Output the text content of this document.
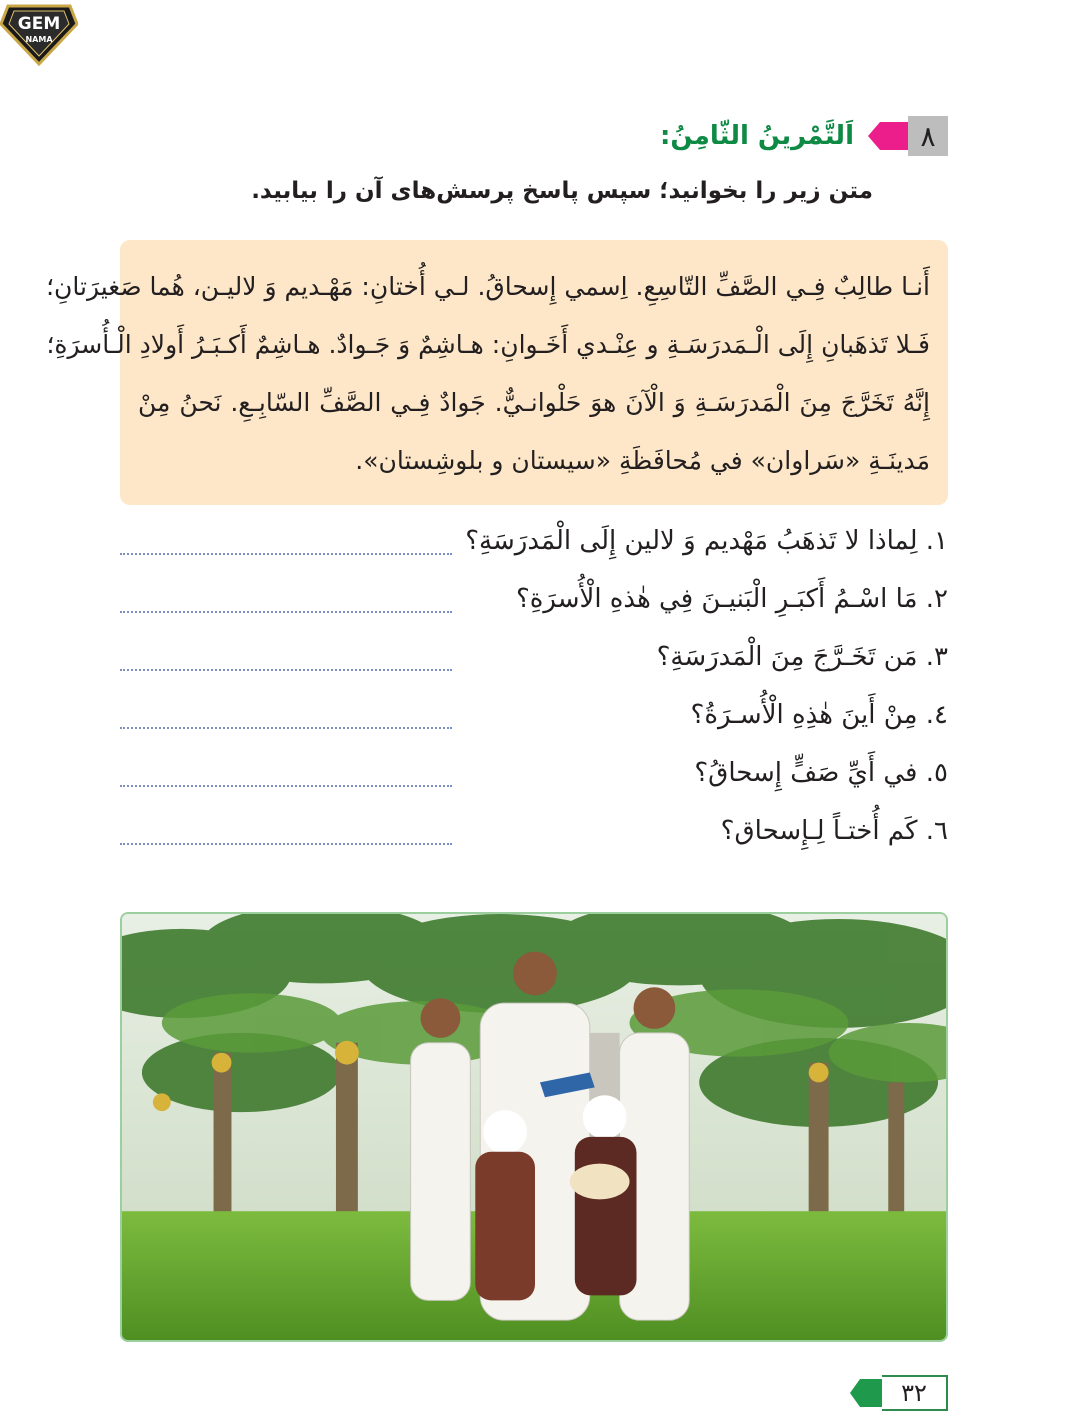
GEM
NAMA
٨
اَلتَّمْرينُ الثّامِنُ:
متن زیر را بخوانید؛ سپس پاسخ پرسش‌های آن را بیابید.
أَنـا طالِبٌ فِـي الصَّفِّ التّاسِعِ. اِسمي إِسحاقُ. لـي أُختانِ: مَهْـديم وَ لالیـن، هُما صَغيرَتانِ؛
فَـلا تَذهَبانِ إِلَى الْـمَدرَسَـةِ و عِنْـدي أَخَـوانِ: هـاشِمٌ وَ جَـوادٌ. هـاشِمٌ أَكـبَـرُ أَولادِ الْـأُسرَةِ؛
إِنَّهُ تَخَرَّجَ مِنَ الْمَدرَسَـةِ وَ الْآنَ هوَ حَلْوانـيٌّ. جَوادٌ فِـي الصَّفِّ السّابِـعِ. نَحنُ مِنْ
مَدينَـةِ «سَراوان» في مُحافَظَةِ «سيستان و بلوشِستان».
١. لِماذا لا تَذهَبُ مَهْديم وَ لالين إِلَى الْمَدرَسَةِ؟
٢. مَا اسْـمُ أَكبَـرِ الْبَنيـنَ فِي هٰذهِ الْأُسرَةِ؟
٣. مَن تَخَـرَّجَ مِنَ الْمَدرَسَةِ؟
٤. مِنْ أَينَ هٰذِهِ الْأُسـرَةُ؟
٥. في أَيِّ صَفٍّ إِسحاقُ؟
٦. كَم أُختـاً لِـإِسحاق؟
٣٢
